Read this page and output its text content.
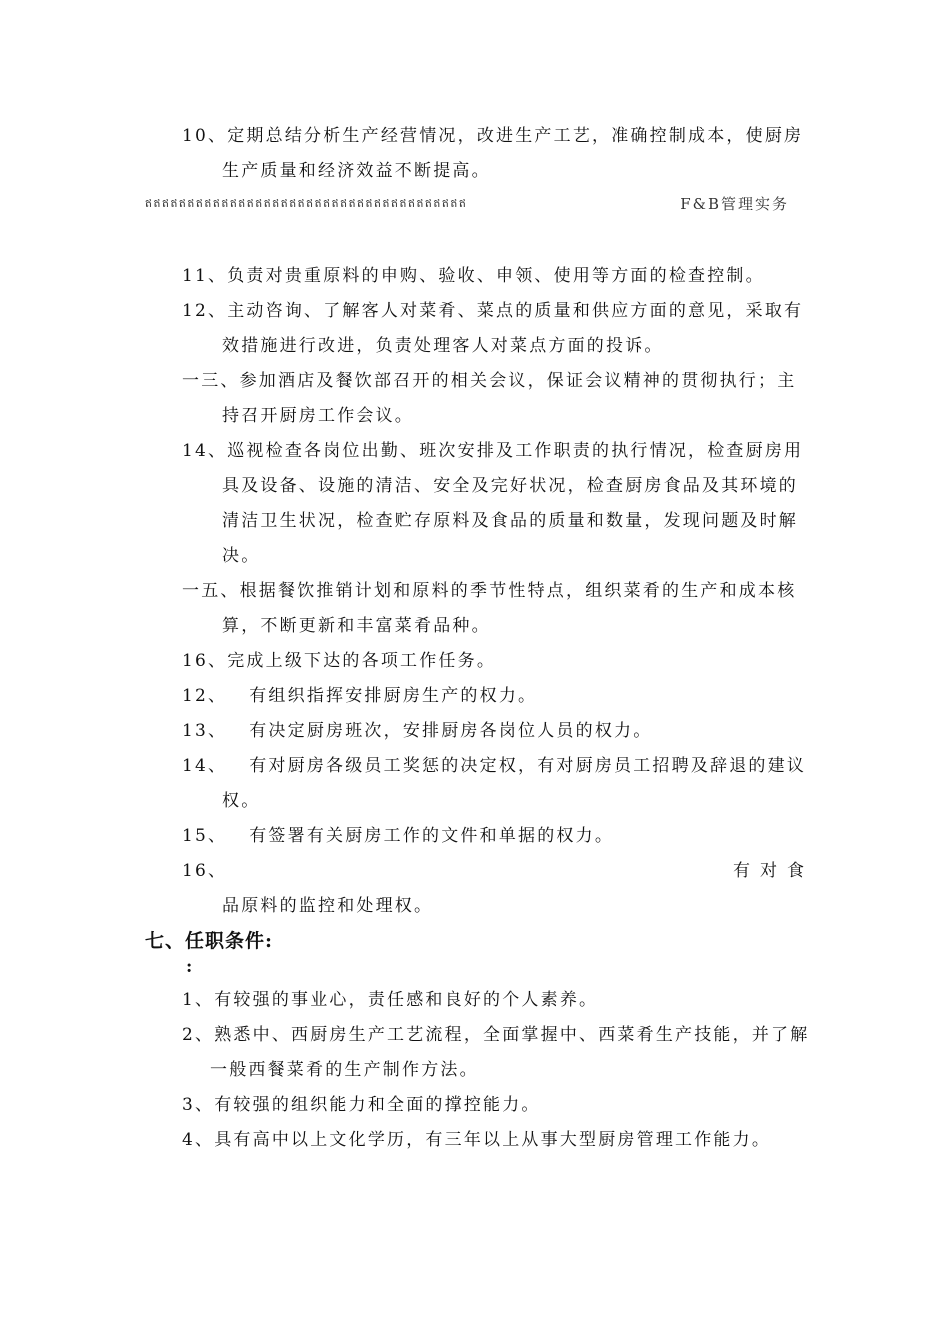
10、定期总结分析生产经营情况，改进生产工艺，准确控制成本，使厨房
生产质量和经济效益不断提高。
ឥឥឥឥឥឥឥឥឥឥឥឥឥឥឥឥឥឥឥឥឥឥឥឥឥឥឥឥឥឥឥឥឥឥឥឥឥឥ	F&B管理实务
11、负责对贵重原料的申购、验收、申领、使用等方面的检查控制。
12、主动咨询、了解客人对菜肴、菜点的质量和供应方面的意见，采取有
效措施进行改进，负责处理客人对菜点方面的投诉。
一三、参加酒店及餐饮部召开的相关会议，保证会议精神的贯彻执行；主
持召开厨房工作会议。
14、巡视检查各岗位出勤、班次安排及工作职责的执行情况，检查厨房用
具及设备、设施的清洁、安全及完好状况，检查厨房食品及其环境的
清洁卫生状况，检查贮存原料及食品的质量和数量，发现问题及时解
决。
一五、根据餐饮推销计划和原料的季节性特点，组织菜肴的生产和成本核
算，不断更新和丰富菜肴品种。
16、完成上级下达的各项工作任务。
12、 有组织指挥安排厨房生产的权力。
13、 有决定厨房班次，安排厨房各岗位人员的权力。
14、 有对厨房各级员工奖惩的决定权，有对厨房员工招聘及辞退的建议
权。
15、 有签署有关厨房工作的文件和单据的权力。
16、	有对食
品原料的监控和处理权。
七、任职条件:
:
1、有较强的事业心，责任感和良好的个人素养。
2、熟悉中、西厨房生产工艺流程，全面掌握中、西菜肴生产技能，并了解
一般西餐菜肴的生产制作方法。
3、有较强的组织能力和全面的撑控能力。
4、具有高中以上文化学历，有三年以上从事大型厨房管理工作能力。
